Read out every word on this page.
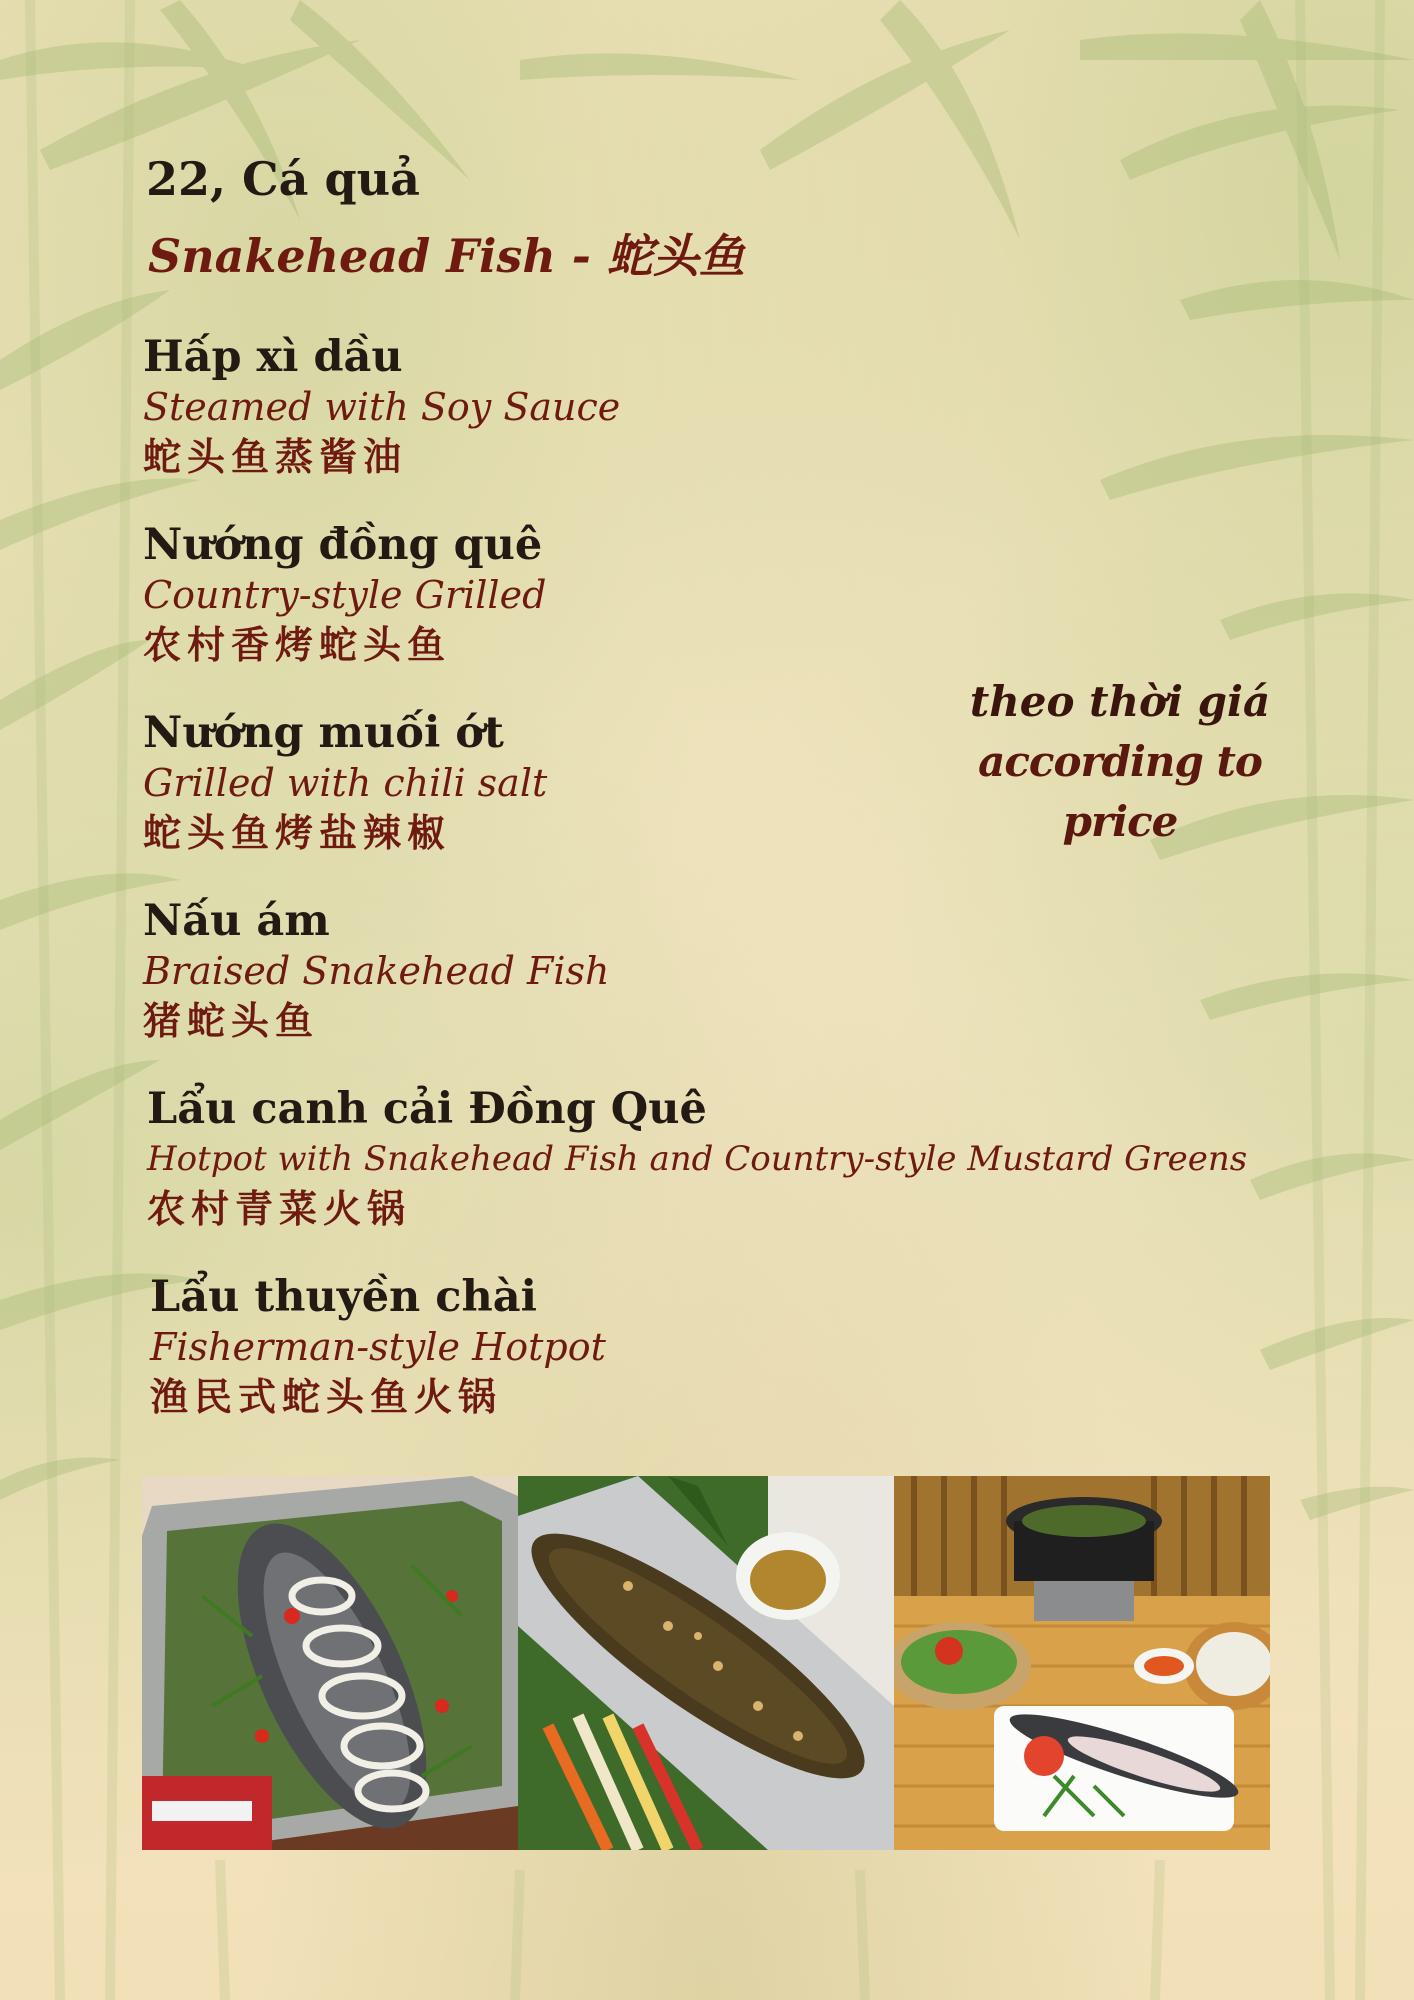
22, Cá quả
Snakehead Fish - 蛇头鱼
Hấp xì dầu
Steamed with Soy Sauce
蛇头鱼蒸酱油
Nướng đồng quê
Country-style Grilled
农村香烤蛇头鱼
Nướng muối ớt
Grilled with chili salt
蛇头鱼烤盐辣椒
Nấu ám
Braised Snakehead Fish
猪蛇头鱼
Lẩu canh cải Đồng Quê
Hotpot with Snakehead Fish and Country-style Mustard Greens
农村青菜火锅
Lẩu thuyền chài
Fisherman-style Hotpot
渔民式蛇头鱼火锅
theo thời giá
according to price
